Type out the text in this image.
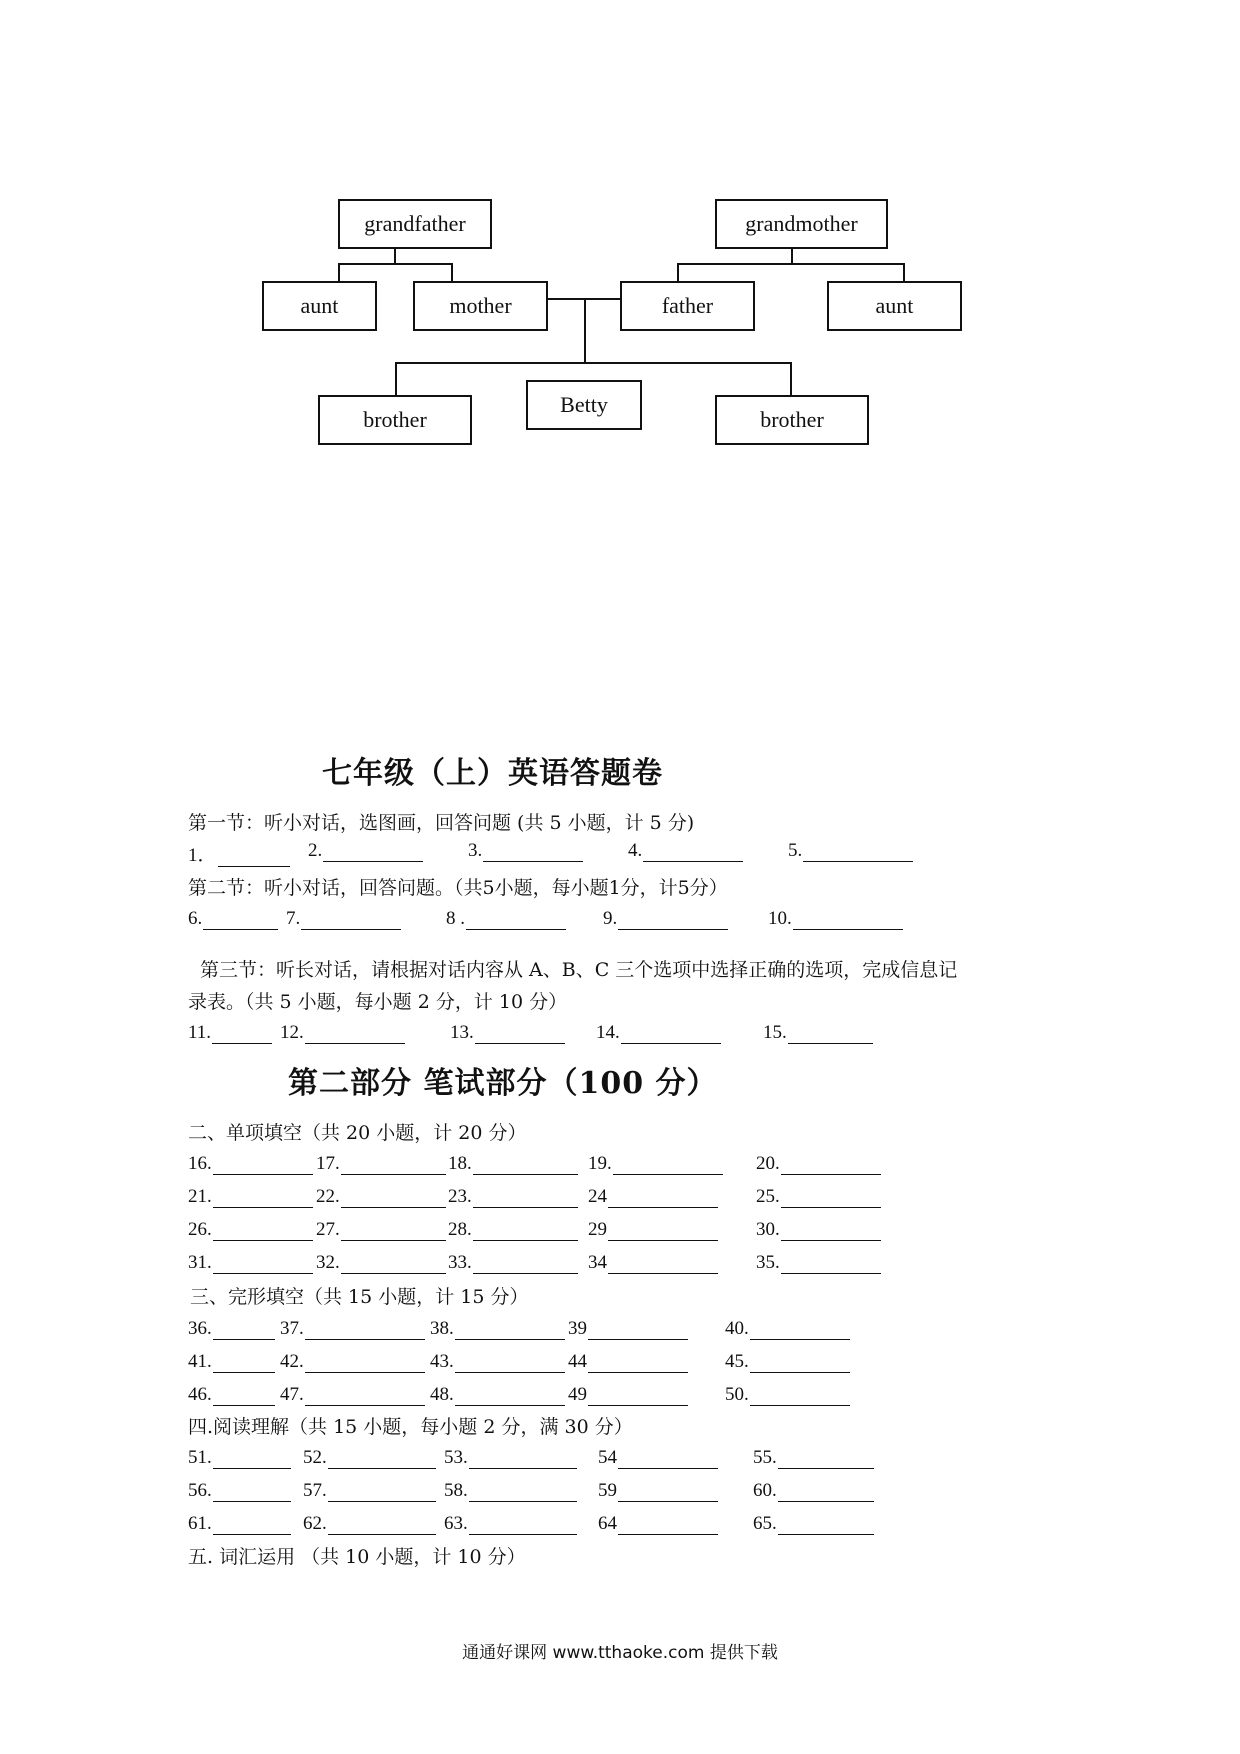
grandfather	grandmother
aunt	mother	father	aunt
brother
Betty
brother
七年级（上）英语答题卷
第一节：听小对话，选图画，回答问题 (共 5 小题，计 5 分)
1．	2.	3.	4.	5.
第二节：听小对话，回答问题。（共5小题，每小题1分，计5分）
6.	7.	8 .	9.	10.
第三节：听长对话，请根据对话内容从 A、B、C 三个选项中选择正确的选项，完成信息记
录表。（共 5 小题，每小题 2 分，计 10 分）
11.	12.	13.	14.	15.
第二部分 笔试部分（100 分）
二、单项填空（共 20 小题，计 20 分）
16.	17.	18.	19.	20.
21.	22.	23.	24	25.
26.	27.	28.	29	30.
31.	32.	33.	34	35.
三、完形填空（共 15 小题，计 15 分）
36.	37.	38.	39	40.
41.	42.	43.	44	45.
46.	47.	48.	49	50.
四.阅读理解（共 15 小题，每小题 2 分，满 30 分）
51.	52.	53.	54	55.
56.	57.	58.	59	60.
61.	62.	63.	64	65.
五. 词汇运用 （共 10 小题，计 10 分）
通通好课网 www.tthaoke.com 提供下载
